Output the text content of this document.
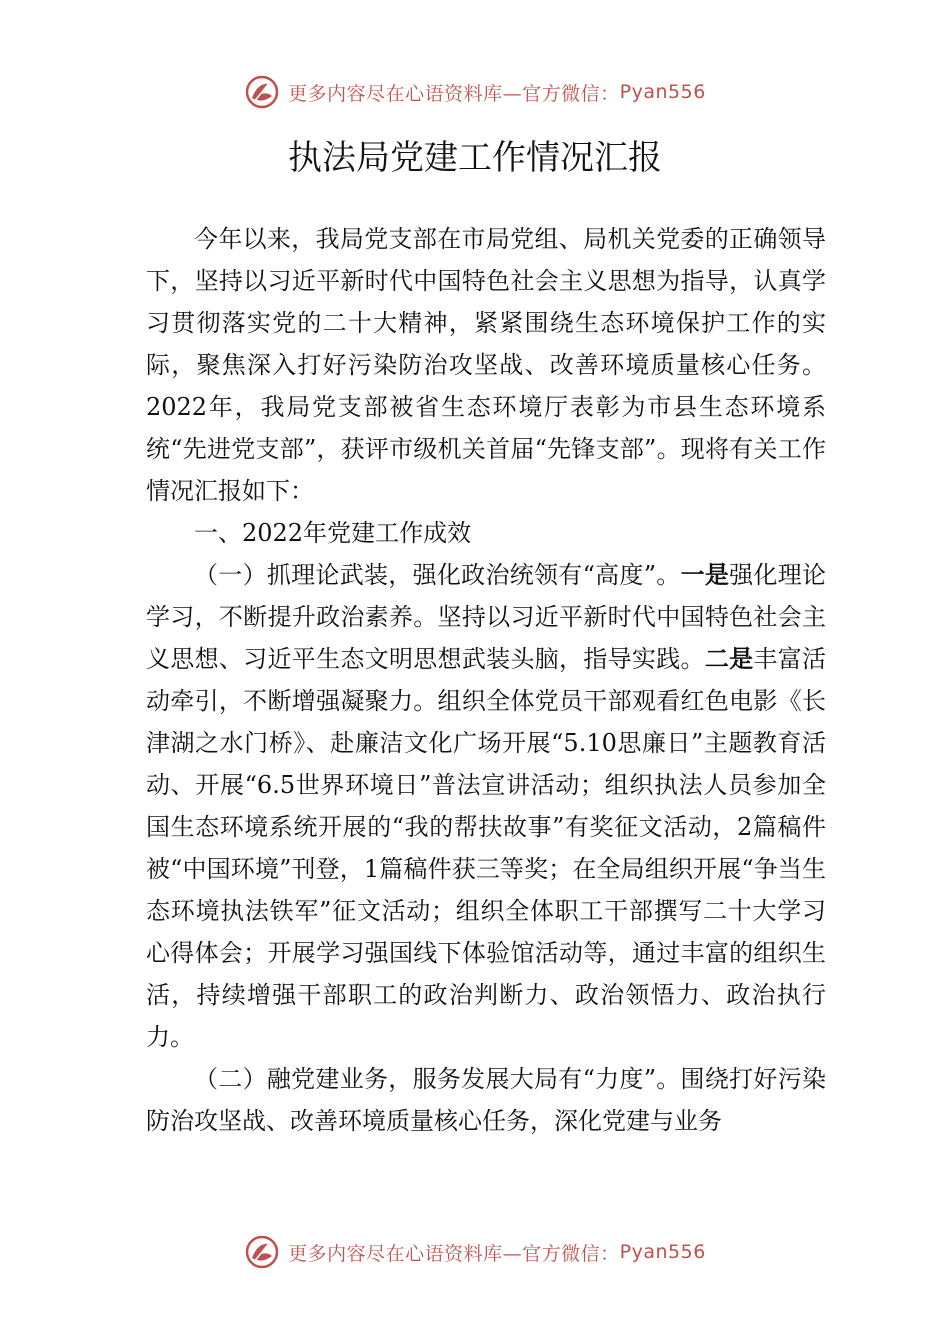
更多内容尽在心语资料库—官方微信： Pyan556
执法局党建工作情况汇报

今年以来，我局党支部在市局党组、局机关党委的正确领导下，坚持以习近平新时代中国特色社会主义思想为指导，认真学习贯彻落实党的二十大精神，紧紧围绕生态环境保护工作的实际，聚焦深入打好污染防治攻坚战、改善环境质量核心任务。2022年，我局党支部被省生态环境厅表彰为市县生态环境系统“先进党支部”，获评市级机关首届“先锋支部”。现将有关工作情况汇报如下：

一、2022年党建工作成效

（一）抓理论武装，强化政治统领有“高度”。一是强化理论学习，不断提升政治素养。坚持以习近平新时代中国特色社会主义思想、习近平生态文明思想武装头脑，指导实践。二是丰富活动牵引，不断增强凝聚力。组织全体党员干部观看红色电影《长津湖之水门桥》、赴廉洁文化广场开展“5.10思廉日”主题教育活动、开展“6.5世界环境日”普法宣讲活动；组织执法人员参加全国生态环境系统开展的“我的帮扶故事”有奖征文活动，2篇稿件被“中国环境”刊登，1篇稿件获三等奖；在全局组织开展“争当生态环境执法铁军”征文活动；组织全体职工干部撰写二十大学习心得体会；开展学习强国线下体验馆活动等，通过丰富的组织生活，持续增强干部职工的政治判断力、政治领悟力、政治执行力。

（二）融党建业务，服务发展大局有“力度”。围绕打好污染防治攻坚战、改善环境质量核心任务，深化党建与业务

更多内容尽在心语资料库—官方微信： Pyan556
